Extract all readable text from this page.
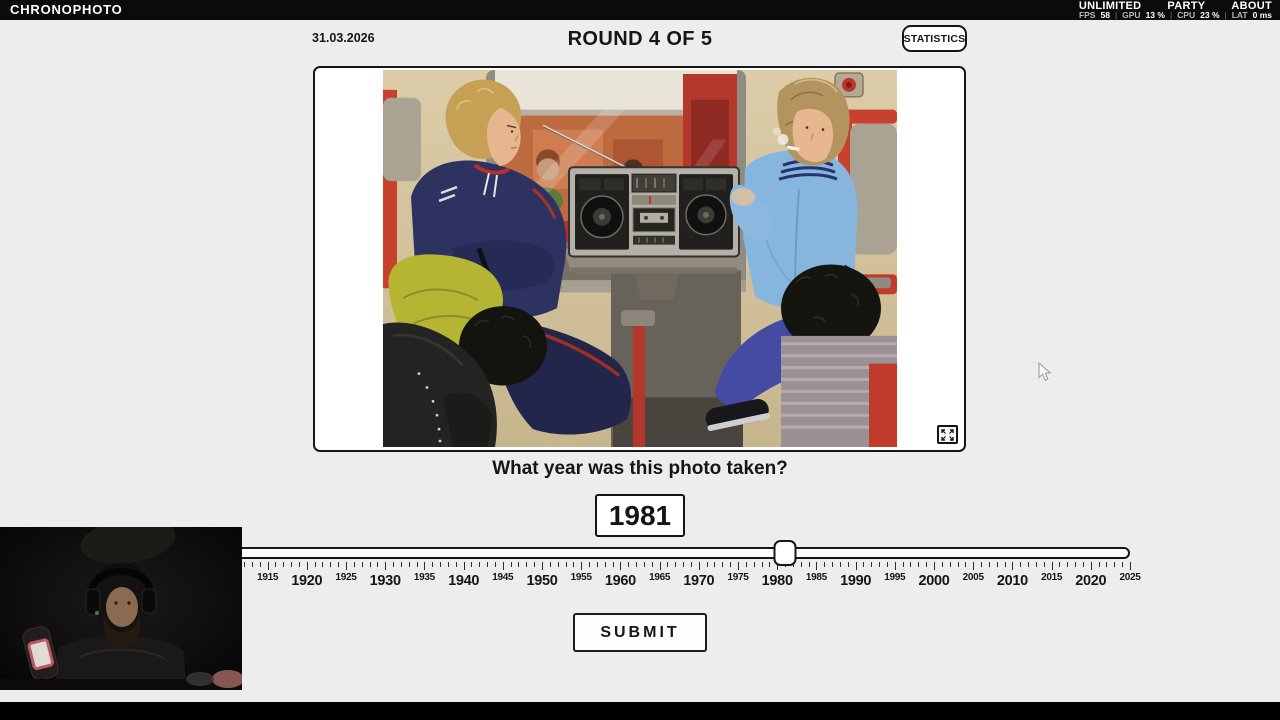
CHRONOPHOTO	UNLIMITED PARTY ABOUT
FPS 58 | GPU 13 % | CPU 23 % | LAT 0 ms
31.03.2026	ROUND 4 OF 5	STATISTICS
What year was this photo taken?
1981
1915 1920 1925 1930 1935 1940 1945 1950 1955 1960 1965 1970 1975 1980 1985 1990 1995 2000 2005 2010 2015 2020 2025
SUBMIT
